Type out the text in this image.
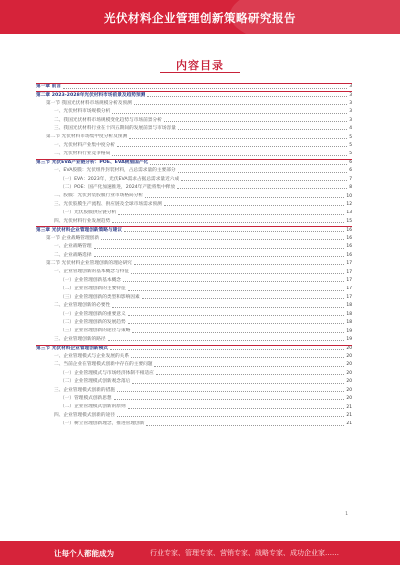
光伏材料企业管理创新策略研究报告
内容目录
第一章 前言	3
第二章 2023-2028年光伏材料市场前景及趋势预测	3
第一节 我国光伏材料市场规模分析及预测	3
一、光伏材料市场规模分析	3
二、我国光伏材料市场规模变化趋势与市场前景分析	3
三、我国光伏材料行业在十四五期间的发展前景与市场容量	4
第二节 光伏材料市场集中度分析及预测	5
一、光伏材料产业集中度分析	5
二、光伏材料行业竞争格局	5
第三节 光伏EVA产业链分析：POE、EVA树脂国产化	6
一、EVA胶膜：光伏组件封装材料，占总需求量的主要部分	6
（一）EVA：2023年，光伏EVA需求占据总需求量近六成	7
（二）POE：国产化加速推进，2024年产能将集中释放	8
二、胶膜：光伏封装胶膜行业市场格局分析	10
三、光伏胶膜生产流程、供应链及全球市场需求预测	12
（一）光伏胶膜供应链分析	13
四、光伏材料行业发展趋势	15
第三章 光伏材料企业管理创新策略与建议	16
第一节 企业战略管理创新	16
一、企业战略管理	16
二、企业战略选择	16
第二节 光伏材料企业管理创新的理论研究	17
一、企业管理创新的基本概念与特征	17
（一）企业管理创新基本概念	17
（二）企业管理创新的主要特征	17
（三）企业管理创新的类型和影响因素	17
二、企业管理创新的必要性	18
（一）企业管理创新的重要意义	18
（二）企业管理创新的发展趋势	18
（三）企业管理创新的途径与策略	19
三、企业管理创新的路径	19
第三节 光伏材料企业管理创新模式	20
一、企业管理模式与企业发展的关系	20
二、当前企业在管理模式创新中存在的主要问题	20
（一）企业管理模式与市场经济体制不相适应	20
（二）企业管理模式创新观念落后	20
三、企业管理模式创新的措施	20
（一）管理模式创新思想	20
（二）企业管理模式创新的原则	21
四、企业管理模式创新的途径	21
（一）树立管理创新理念，推进管理创新	21
1
让每个人都能成为	行业专家、管理专家、营销专家、战略专家、成功企业家……
